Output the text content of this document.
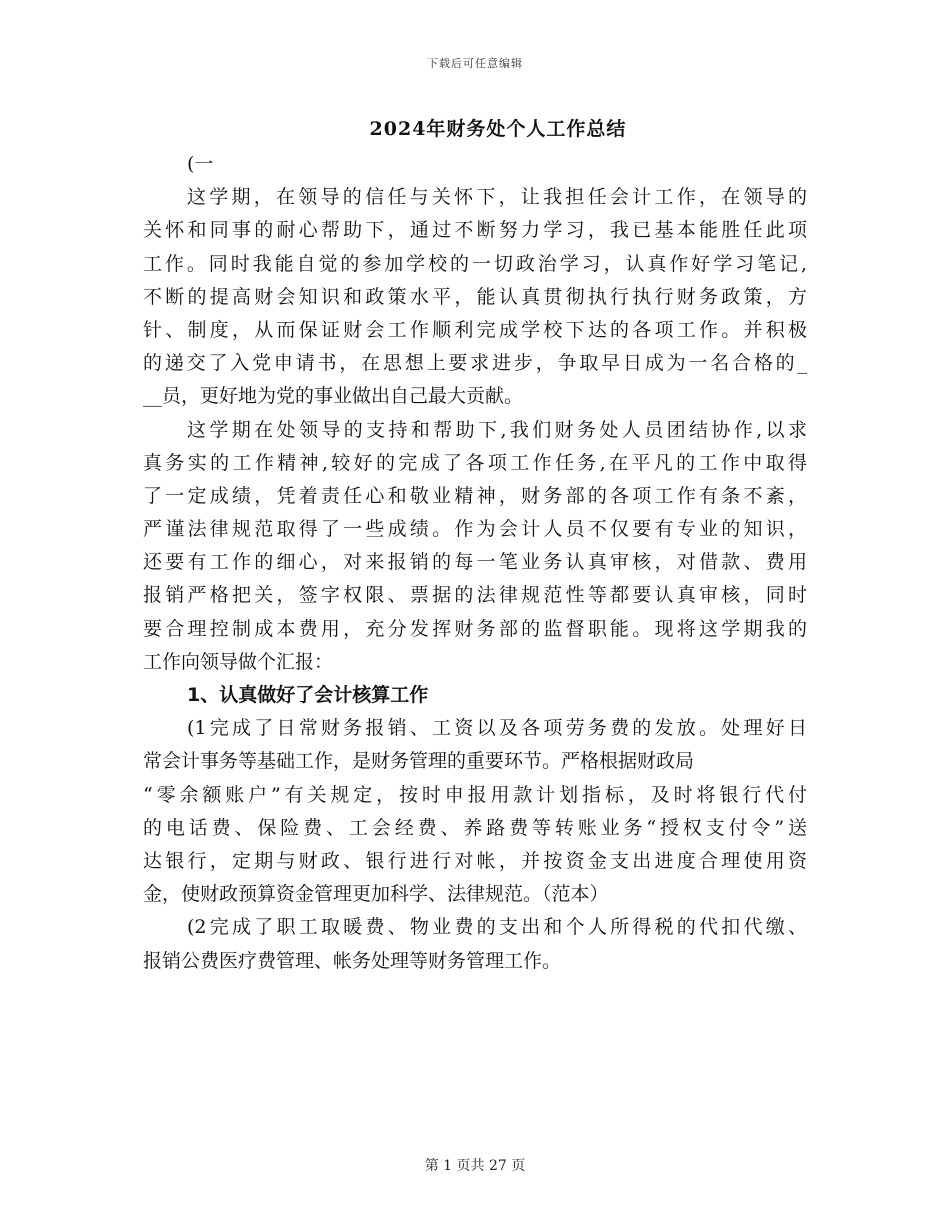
下载后可任意编辑
2024年财务处个人工作总结
(一
这学期，在领导的信任与关怀下，让我担任会计工作，在领导的
关怀和同事的耐心帮助下，通过不断努力学习，我已基本能胜任此项
工作。同时我能自觉的参加学校的一切政治学习，认真作好学习笔记,
不断的提高财会知识和政策水平，能认真贯彻执行执行财务政策，方
针、制度，从而保证财会工作顺利完成学校下达的各项工作。并积极
的递交了入党申请书，在思想上要求进步，争取早日成为一名合格的_
__员，更好地为党的事业做出自己最大贡献。
这学期在处领导的支持和帮助下,我们财务处人员团结协作,以求
真务实的工作精神,较好的完成了各项工作任务,在平凡的工作中取得
了一定成绩，凭着责任心和敬业精神，财务部的各项工作有条不紊，
严谨法律规范取得了一些成绩。作为会计人员不仅要有专业的知识，
还要有工作的细心，对来报销的每一笔业务认真审核，对借款、费用
报销严格把关，签字权限、票据的法律规范性等都要认真审核，同时
要合理控制成本费用，充分发挥财务部的监督职能。现将这学期我的
工作向领导做个汇报：
1、认真做好了会计核算工作
(1完成了日常财务报销、工资以及各项劳务费的发放。处理好日
常会计事务等基础工作，是财务管理的重要环节。严格根据财政局
“零余额账户”有关规定，按时申报用款计划指标，及时将银行代付
的电话费、保险费、工会经费、养路费等转账业务“授权支付令”送
达银行，定期与财政、银行进行对帐，并按资金支出进度合理使用资
金，使财政预算资金管理更加科学、法律规范。（范本）
(2完成了职工取暖费、物业费的支出和个人所得税的代扣代缴、
报销公费医疗费管理、帐务处理等财务管理工作。
第 1 页共 27 页
